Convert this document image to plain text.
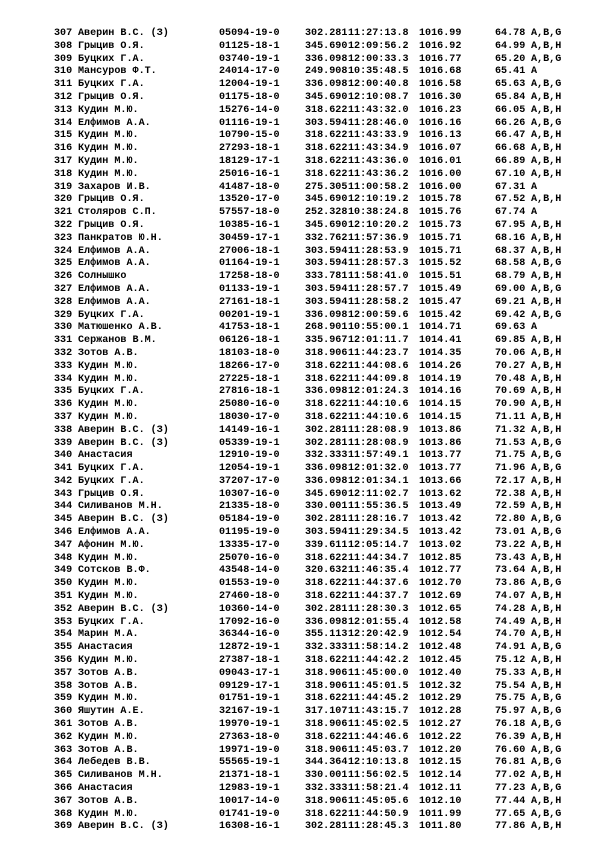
307 Аверин В.С. (З)	05094-19-0	302.281 11:27:13.8 1016.99	64.78 A,B,G
308 Грыцив О.Я.	01125-18-1	345.690 12:09:56.2 1016.92	64.99 A,B,H
309 Буцких Г.А.	03740-19-1	336.098 12:00:33.3 1016.77	65.20 A,B,G
310 Мансуров Ф.Т.	24014-17-0	249.908 10:35:48.5 1016.68	65.41 A
311 Буцких Г.А.	12004-19-1	336.098 12:00:40.8 1016.58	65.63 A,B,G
312 Грыцив О.Я.	01175-18-0	345.690 12:10:08.7 1016.30	65.84 A,B,H
313 Кудин М.Ю.	15276-14-0	318.622 11:43:32.0 1016.23	66.05 A,B,H
314 Елфимов А.А.	01116-19-1	303.594 11:28:46.0 1016.16	66.26 A,B,G
315 Кудин М.Ю.	10790-15-0	318.622 11:43:33.9 1016.13	66.47 A,B,H
316 Кудин М.Ю.	27293-18-1	318.622 11:43:34.9 1016.07	66.68 A,B,H
317 Кудин М.Ю.	18129-17-1	318.622 11:43:36.0 1016.01	66.89 A,B,H
318 Кудин М.Ю.	25016-16-1	318.622 11:43:36.2 1016.00	67.10 A,B,H
319 Захаров И.В.	41487-18-0	275.305 11:00:58.2 1016.00	67.31 A
320 Грыцив О.Я.	13520-17-0	345.690 12:10:19.2 1015.78	67.52 A,B,H
321 Столяров С.П.	57557-18-0	252.328 10:38:24.8 1015.76	67.74 A
322 Грыцив О.Я.	10385-16-1	345.690 12:10:20.2 1015.73	67.95 A,B,H
323 Панкратов Ю.Н.	30459-17-1	332.762 11:57:36.9 1015.71	68.16 A,B,H
324 Елфимов А.А.	27006-18-1	303.594 11:28:53.9 1015.71	68.37 A,B,H
325 Елфимов А.А.	01164-19-1	303.594 11:28:57.3 1015.52	68.58 A,B,G
326 Солнышко	17258-18-0	333.781 11:58:41.0 1015.51	68.79 A,B,H
327 Елфимов А.А.	01133-19-1	303.594 11:28:57.7 1015.49	69.00 A,B,G
328 Елфимов А.А.	27161-18-1	303.594 11:28:58.2 1015.47	69.21 A,B,H
329 Буцких Г.А.	00201-19-1	336.098 12:00:59.6 1015.42	69.42 A,B,G
330 Матюшенко А.В.	41753-18-1	268.901 10:55:00.1 1014.71	69.63 A
331 Сержанов В.М.	06126-18-1	335.967 12:01:11.7 1014.41	69.85 A,B,H
332 Зотов А.В.	18103-18-0	318.906 11:44:23.7 1014.35	70.06 A,B,H
333 Кудин М.Ю.	18266-17-0	318.622 11:44:08.6 1014.26	70.27 A,B,H
334 Кудин М.Ю.	27225-18-1	318.622 11:44:09.8 1014.19	70.48 A,B,H
335 Буцких Г.А.	27816-18-1	336.098 12:01:24.3 1014.16	70.69 A,B,H
336 Кудин М.Ю.	25080-16-0	318.622 11:44:10.6 1014.15	70.90 A,B,H
337 Кудин М.Ю.	18030-17-0	318.622 11:44:10.6 1014.15	71.11 A,B,H
338 Аверин В.С. (З)	14149-16-1	302.281 11:28:08.9 1013.86	71.32 A,B,H
339 Аверин В.С. (З)	05339-19-1	302.281 11:28:08.9 1013.86	71.53 A,B,G
340 Анастасия	12910-19-0	332.333 11:57:49.1 1013.77	71.75 A,B,G
341 Буцких Г.А.	12054-19-1	336.098 12:01:32.0 1013.77	71.96 A,B,G
342 Буцких Г.А.	37207-17-0	336.098 12:01:34.1 1013.66	72.17 A,B,H
343 Грыцив О.Я.	10307-16-0	345.690 12:11:02.7 1013.62	72.38 A,B,H
344 Силиванов М.Н.	21335-18-0	330.001 11:55:36.5 1013.49	72.59 A,B,H
345 Аверин В.С. (З)	05184-19-0	302.281 11:28:16.7 1013.42	72.80 A,B,G
346 Елфимов А.А.	01195-19-0	303.594 11:29:34.5 1013.42	73.01 A,B,G
347 Афонин М.Ю.	13335-17-0	339.611 12:05:14.7 1013.02	73.22 A,B,H
348 Кудин М.Ю.	25070-16-0	318.622 11:44:34.7 1012.85	73.43 A,B,H
349 Сотсков В.Ф.	43548-14-0	320.632 11:46:35.4 1012.77	73.64 A,B,H
350 Кудин М.Ю.	01553-19-0	318.622 11:44:37.6 1012.70	73.86 A,B,G
351 Кудин М.Ю.	27460-18-0	318.622 11:44:37.7 1012.69	74.07 A,B,H
352 Аверин В.С. (З)	10360-14-0	302.281 11:28:30.3 1012.65	74.28 A,B,H
353 Буцких Г.А.	17092-16-0	336.098 12:01:55.4 1012.58	74.49 A,B,H
354 Марин М.А.	36344-16-0	355.113 12:20:42.9 1012.54	74.70 A,B,H
355 Анастасия	12872-19-1	332.333 11:58:14.2 1012.48	74.91 A,B,G
356 Кудин М.Ю.	27387-18-1	318.622 11:44:42.2 1012.45	75.12 A,B,H
357 Зотов А.В.	09043-17-1	318.906 11:45:00.0 1012.40	75.33 A,B,H
358 Зотов А.В.	09129-17-1	318.906 11:45:01.5 1012.32	75.54 A,B,H
359 Кудин М.Ю.	01751-19-1	318.622 11:44:45.2 1012.29	75.75 A,B,G
360 Яшутин А.Е.	32167-19-1	317.107 11:43:15.7 1012.28	75.97 A,B,G
361 Зотов А.В.	19970-19-1	318.906 11:45:02.5 1012.27	76.18 A,B,G
362 Кудин М.Ю.	27363-18-0	318.622 11:44:46.6 1012.22	76.39 A,B,H
363 Зотов А.В.	19971-19-0	318.906 11:45:03.7 1012.20	76.60 A,B,G
364 Лебедев В.В.	55565-19-1	344.364 12:10:13.8 1012.15	76.81 A,B,G
365 Силиванов М.Н.	21371-18-1	330.001 11:56:02.5 1012.14	77.02 A,B,H
366 Анастасия	12983-19-1	332.333 11:58:21.4 1012.11	77.23 A,B,G
367 Зотов А.В.	10017-14-0	318.906 11:45:05.6 1012.10	77.44 A,B,H
368 Кудин М.Ю.	01741-19-0	318.622 11:44:50.9 1011.99	77.65 A,B,G
369 Аверин В.С. (З)	16308-16-1	302.281 11:28:45.3 1011.80	77.86 A,B,H
